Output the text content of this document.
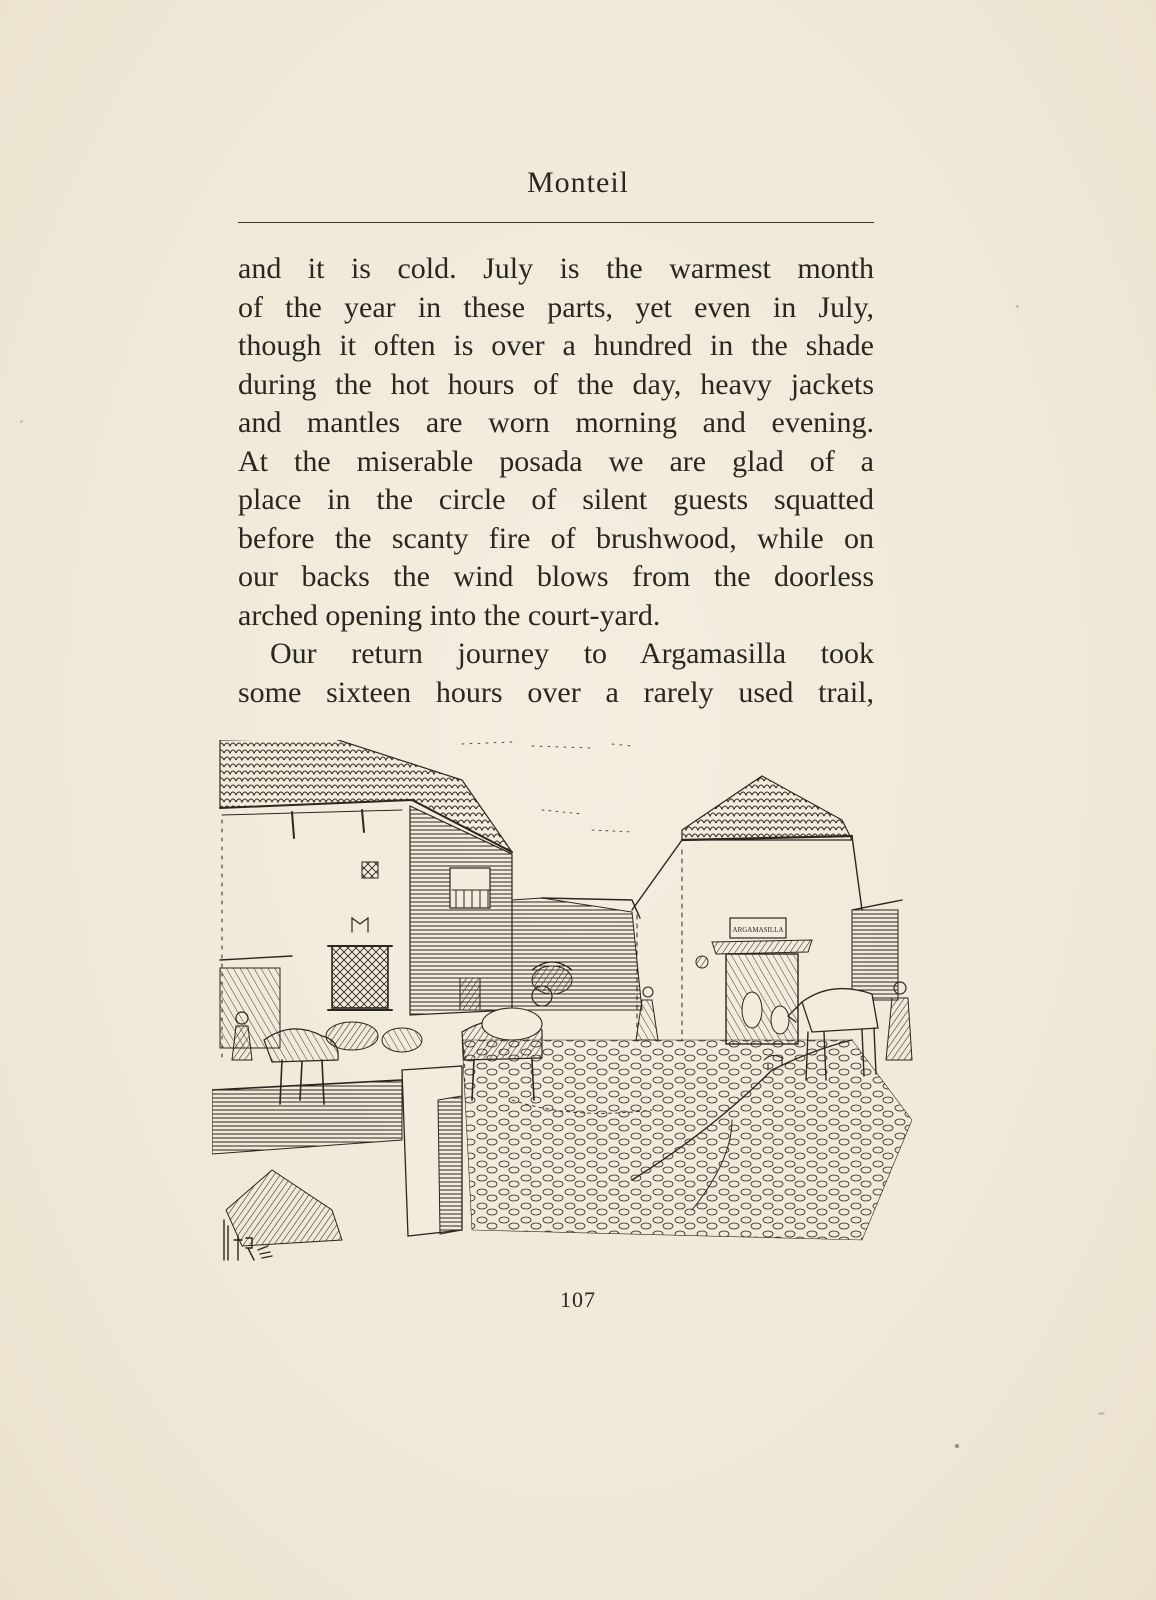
Monteil
and it is cold. July is the warmest month
of the year in these parts, yet even in July,
though it often is over a hundred in the shade
during the hot hours of the day, heavy jackets
and mantles are worn morning and evening.
At the miserable posada we are glad of a
place in the circle of silent guests squatted
before the scanty fire of brushwood, while on
our backs the wind blows from the doorless
arched opening into the court-yard.
Our return journey to Argamasilla took
some sixteen hours over a rarely used trail,
ARGAMASILLA
107
